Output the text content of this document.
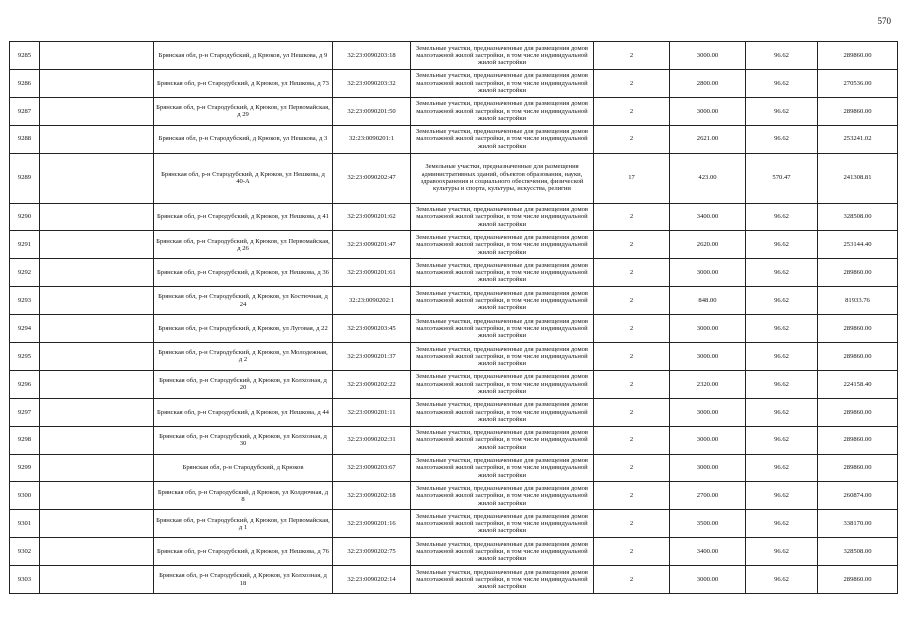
570
9285		Брянская обл, р-н Стародубский, д Крюков, ул Нешкова, д 9	32:23:0090203:18	Земельные участки, предназначенные для размещения домов малоэтажной жилой застройки, в том числе индивидуальной жилой застройки	2	3000.00	96.62	289860.00
9286		Брянская обл, р-н Стародубский, д Крюков, ул Нешкова, д 73	32:23:0090203:32	Земельные участки, предназначенные для размещения домов малоэтажной жилой застройки, в том числе индивидуальной жилой застройки	2	2800.00	96.62	270536.00
9287		Брянская обл, р-н Стародубский, д Крюков, ул Первомайская, д 29	32:23:0090201:50	Земельные участки, предназначенные для размещения домов малоэтажной жилой застройки, в том числе индивидуальной жилой застройки	2	3000.00	96.62	289860.00
9288		Брянская обл, р-н Стародубский, д Крюков, ул Нешкова, д 3	32:23:0090201:1	Земельные участки, предназначенные для размещения домов малоэтажной жилой застройки, в том числе индивидуальной жилой застройки	2	2621.00	96.62	253241.02
9289		Брянская обл, р-н Стародубский, д Крюков, ул Нешкова, д 40-А	32:23:0090202:47	Земельные участки, предназначенные для размещения административных зданий, объектов образования, науки, здравоохранения и социального обеспечения, физической культуры и спорта, культуры, искусства, религии	17	423.00	570.47	241308.81
9290		Брянская обл, р-н Стародубский, д Крюков, ул Нешкова, д 41	32:23:0090201:62	Земельные участки, предназначенные для размещения домов малоэтажной жилой застройки, в том числе индивидуальной жилой застройки	2	3400.00	96.62	328508.00
9291		Брянская обл, р-н Стародубский, д Крюков, ул Первомайская, д 26	32:23:0090201:47	Земельные участки, предназначенные для размещения домов малоэтажной жилой застройки, в том числе индивидуальной жилой застройки	2	2620.00	96.62	253144.40
9292		Брянская обл, р-н Стародубский, д Крюков, ул Нешкова, д 36	32:23:0090201:61	Земельные участки, предназначенные для размещения домов малоэтажной жилой застройки, в том числе индивидуальной жилой застройки	2	3000.00	96.62	289860.00
9293		Брянская обл, р-н Стародубский, д Крюков, ул Костючная, д 24	32:23:0090202:1	Земельные участки, предназначенные для размещения домов малоэтажной жилой застройки, в том числе индивидуальной жилой застройки	2	848.00	96.62	81933.76
9294		Брянская обл, р-н Стародубский, д Крюков, ул Луговая, д 22	32:23:0090203:45	Земельные участки, предназначенные для размещения домов малоэтажной жилой застройки, в том числе индивидуальной жилой застройки	2	3000.00	96.62	289860.00
9295		Брянская обл, р-н Стародубский, д Крюков, ул Молодежная, д 2	32:23:0090201:37	Земельные участки, предназначенные для размещения домов малоэтажной жилой застройки, в том числе индивидуальной жилой застройки	2	3000.00	96.62	289860.00
9296		Брянская обл, р-н Стародубский, д Крюков, ул Колхозная, д 20	32:23:0090202:22	Земельные участки, предназначенные для размещения домов малоэтажной жилой застройки, в том числе индивидуальной жилой застройки	2	2320.00	96.62	224158.40
9297		Брянская обл, р-н Стародубский, д Крюков, ул Нешкова, д 44	32:23:0090201:11	Земельные участки, предназначенные для размещения домов малоэтажной жилой застройки, в том числе индивидуальной жилой застройки	2	3000.00	96.62	289860.00
9298		Брянская обл, р-н Стародубский, д Крюков, ул Колхозная, д 30	32:23:0090202:31	Земельные участки, предназначенные для размещения домов малоэтажной жилой застройки, в том числе индивидуальной жилой застройки	2	3000.00	96.62	289860.00
9299		Брянская обл, р-н Стародубский, д Крюков	32:23:0090203:67	Земельные участки, предназначенные для размещения домов малоэтажной жилой застройки, в том числе индивидуальной жилой застройки	2	3000.00	96.62	289860.00
9300		Брянская обл, р-н Стародубский, д Крюков, ул Колдючная, д 8	32:23:0090202:18	Земельные участки, предназначенные для размещения домов малоэтажной жилой застройки, в том числе индивидуальной жилой застройки	2	2700.00	96.62	260874.00
9301		Брянская обл, р-н Стародубский, д Крюков, ул Первомайская, д 1	32:23:0090201:16	Земельные участки, предназначенные для размещения домов малоэтажной жилой застройки, в том числе индивидуальной жилой застройки	2	3500.00	96.62	338170.00
9302		Брянская обл, р-н Стародубский, д Крюков, ул Нешкова, д 76	32:23:0090202:75	Земельные участки, предназначенные для размещения домов малоэтажной жилой застройки, в том числе индивидуальной жилой застройки	2	3400.00	96.62	328508.00
9303		Брянская обл, р-н Стародубский, д Крюков, ул Колхозная, д 18	32:23:0090202:14	Земельные участки, предназначенные для размещения домов малоэтажной жилой застройки, в том числе индивидуальной жилой застройки	2	3000.00	96.62	289860.00
